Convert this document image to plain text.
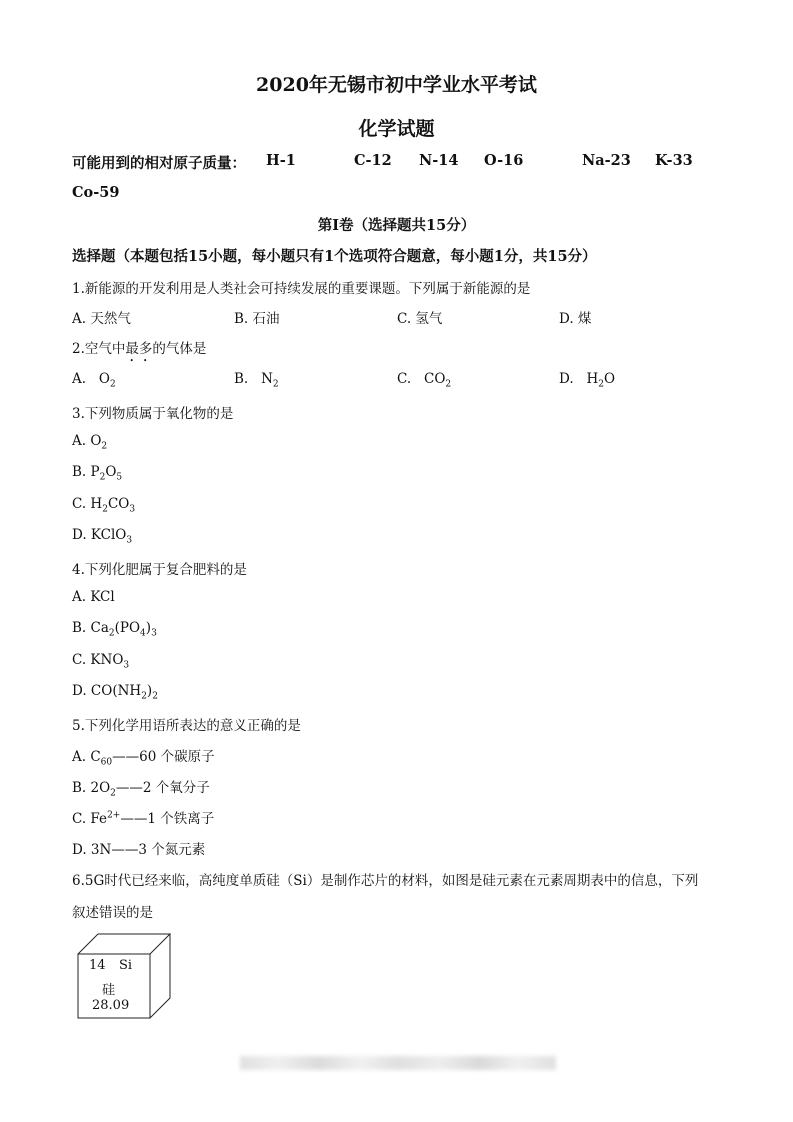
2020年无锡市初中学业水平考试
化学试题
可能用到的相对原子质量： H-1	C-12 N-14 O-16	Na-23 K-33
Co-59
第I卷（选择题共15分）
选择题（本题包括15小题，每小题只有1个选项符合题意，每小题1分，共15分）
1.新能源的开发利用是人类社会可持续发展的重要课题。下列属于新能源的是
A. 天然气	B. 石油	C. 氢气	D. 煤
2.空气中最多的气体是
A. $O_2$	B. $N_2$	C. $CO_2$	D. $H_2O$
3.下列物质属于氧化物的是
A. $O_2$
B. $P_2O_5$
C. $H_2CO_3$
D. KClO$_3$
4.下列化肥属于复合肥料的是
A. KCl
B. $Ca_2(PO_4)_3$
C. $KNO_3$
D. $CO(NH_2)_2$
5.下列化学用语所表达的意义正确的是
A. $C_{60}——60$ 个碳原子
B. $2O_2——2$ 个氧分子
C. $Fe^{2+}——1$ 个铁离子
D. 3N——3 个氮元素
6.5G时代已经来临，高纯度单质硅（Si）是制作芯片的材料，如图是硅元素在元素周期表中的信息，下列
叙述错误的是
14 Si
硅
28.09
